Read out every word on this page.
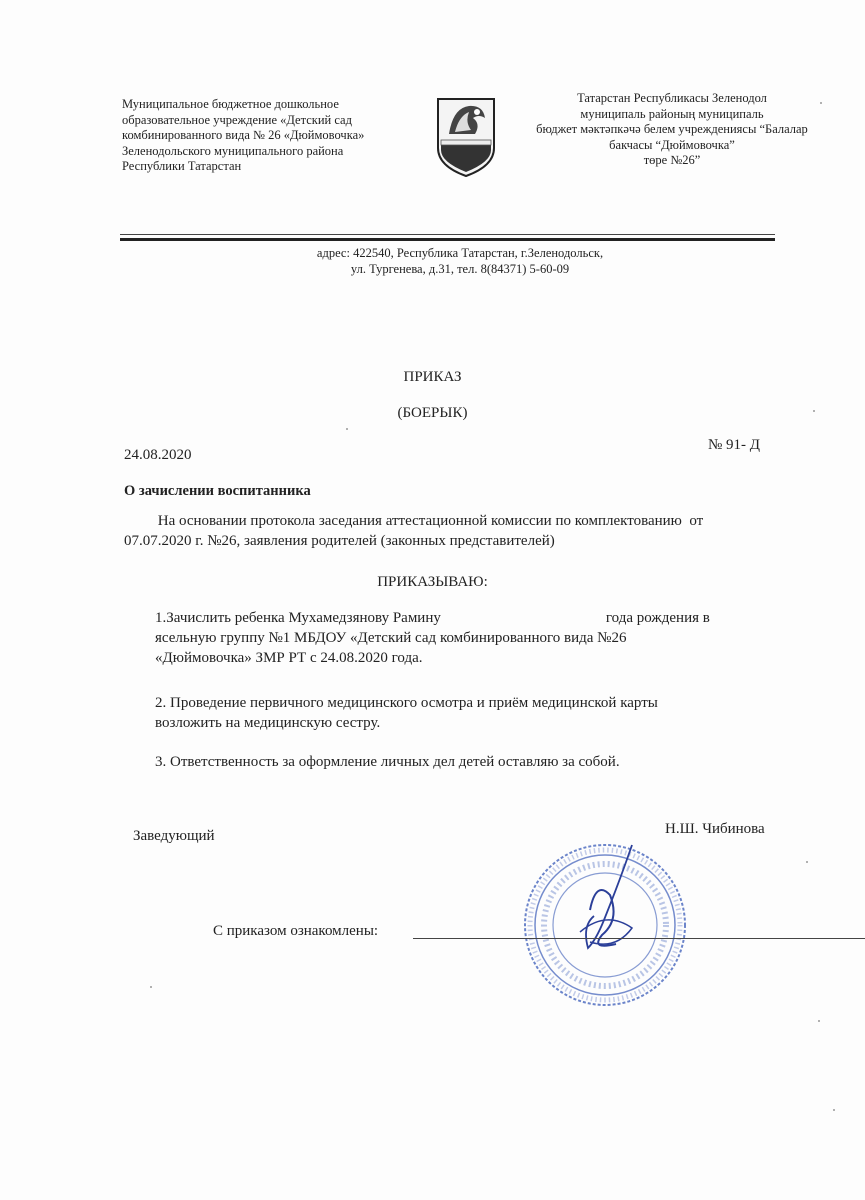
Муниципальное бюджетное дошкольное
образовательное учреждение «Детский сад
комбинированного вида № 26 «Дюймовочка»
Зеленодольского муниципального района
Республики Татарстан
Татарстан Республикасы Зеленодол
муниципаль районың муниципаль
бюджет мәктәпкәчә белем учреждениясы “Балалар
бакчасы “Дюймовочка”
төре №26”
адрес: 422540, Республика Татарстан, г.Зеленодольск,
ул. Тургенева, д.31, тел. 8(84371) 5-60-09
ПРИКАЗ
(БОЕРЫК)
24.08.2020
№ 91- Д
О зачислении воспитанника
На основании протокола заседания аттестационной комиссии по комплектованию  от
07.07.2020 г. №26, заявления родителей (законных представителей)
ПРИКАЗЫВАЮ:
1.Зачислить ребенка Мухамедзянову Рамину	года рождения в
ясельную группу №1 МБДОУ «Детский сад комбинированного вида №26
«Дюймовочка» ЗМР РТ с 24.08.2020 года.
2. Проведение первичного медицинского осмотра и приём медицинской карты
возложить на медицинскую сестру.
3. Ответственность за оформление личных дел детей оставляю за собой.
Заведующий	Н.Ш. Чибинова
С приказом ознакомлены:
